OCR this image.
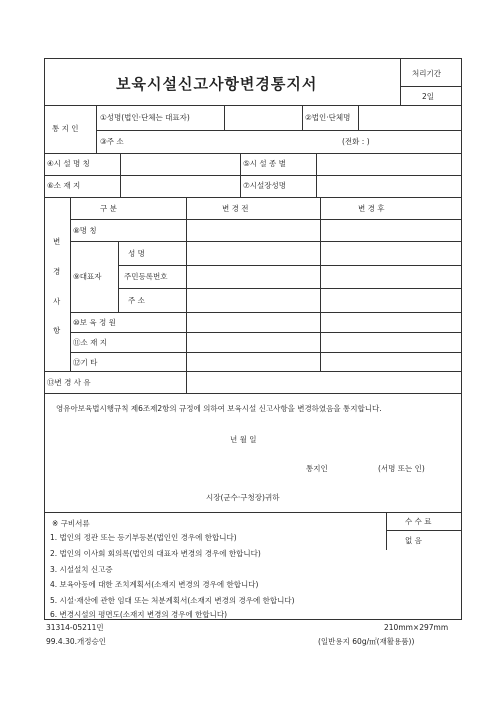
보육시설신고사항변경통지서
처리기간
2일
통 지 인
①성명(법인·단체는 대표자)	②법인·단체명
③주 소	(전화 : )
④시 설 명 칭	⑤시 설 종 별
⑥소 재 지	⑦시설장성명
변
경
사
항
구 분	변 경 전	변 경 후
⑧명 칭
⑨대표자
성 명
주민등록번호
주 소
⑩보 육 정 원
⑪소 재 지
⑫기 타
⑬변 경 사 유
영유아보육법시행규칙 제6조제2항의 규정에 의하여 보육시설 신고사항을 변경하였음을 통지합니다.
년 월 일
통지인	(서명 또는 인)
시장(군수·구청장)귀하
수 수 료
없 음
※ 구비서류
1. 법인의 정관 또는 등기부등본(법인인 경우에 한합니다)
2. 법인의 이사회 회의록(법인의 대표자 변경의 경우에 한합니다)
3. 시설설치 신고증
4. 보육아동에 대한 조치계획서(소재지 변경의 경우에 한합니다)
5. 시설·재산에 관한 임대 또는 처분계획서(소재지 변경의 경우에 한합니다)
6. 변경시설의 평면도(소재지 변경의 경우에 한합니다)
31314-05211민	210mm×297mm
99.4.30.개정승인	(일반용지 60g/㎡(재활용품))
